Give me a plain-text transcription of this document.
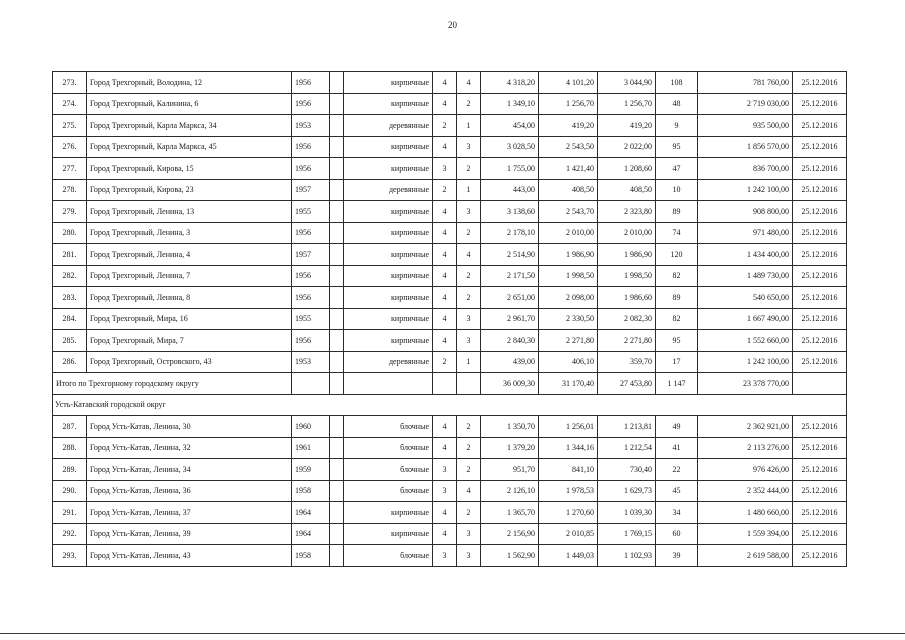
20
273.	Город Трехгорный, Володина, 12	1956		кирпичные	4	4	4 318,20	4 101,20	3 044,90	108	781 760,00	25.12.2016
274.	Город Трехгорный, Калинина, 6	1956		кирпичные	4	2	1 349,10	1 256,70	1 256,70	48	2 719 030,00	25.12.2016
275.	Город Трехгорный, Карла Маркса, 34	1953		деревянные	2	1	454,00	419,20	419,20	9	935 500,00	25.12.2016
276.	Город Трехгорный, Карла Маркса, 45	1956		кирпичные	4	3	3 028,50	2 543,50	2 022,00	95	1 856 570,00	25.12.2016
277.	Город Трехгорный, Кирова, 15	1956		кирпичные	3	2	1 755,00	1 421,40	1 208,60	47	836 700,00	25.12.2016
278.	Город Трехгорный, Кирова, 23	1957		деревянные	2	1	443,00	408,50	408,50	10	1 242 100,00	25.12.2016
279.	Город Трехгорный, Ленина, 13	1955		кирпичные	4	3	3 138,60	2 543,70	2 323,80	89	908 800,00	25.12.2016
280.	Город Трехгорный, Ленина, 3	1956		кирпичные	4	2	2 178,10	2 010,00	2 010,00	74	971 480,00	25.12.2016
281.	Город Трехгорный, Ленина, 4	1957		кирпичные	4	4	2 514,90	1 986,90	1 986,90	120	1 434 400,00	25.12.2016
282.	Город Трехгорный, Ленина, 7	1956		кирпичные	4	2	2 171,50	1 998,50	1 998,50	82	1 489 730,00	25.12.2016
283.	Город Трехгорный, Ленина, 8	1956		кирпичные	4	2	2 651,00	2 098,00	1 986,60	89	540 650,00	25.12.2016
284.	Город Трехгорный, Мира, 16	1955		кирпичные	4	3	2 961,70	2 330,50	2 082,30	82	1 667 490,00	25.12.2016
285.	Город Трехгорный, Мира, 7	1956		кирпичные	4	3	2 840,30	2 271,80	2 271,80	95	1 552 660,00	25.12.2016
286.	Город Трехгорный, Островского, 43	1953		деревянные	2	1	439,00	406,10	359,70	17	1 242 100,00	25.12.2016
Итого по Трехгорному городскому округу							36 009,30	31 170,40	27 453,80	1 147	23 378 770,00	
Усть-Катавский городской округ												
287.	Город Усть-Катав, Ленина, 30	1960		блочные	4	2	1 350,70	1 256,01	1 213,81	49	2 362 921,00	25.12.2016
288.	Город Усть-Катав, Ленина, 32	1961		блочные	4	2	1 379,20	1 344,16	1 212,54	41	2 113 276,00	25.12.2016
289.	Город Усть-Катав, Ленина, 34	1959		блочные	3	2	951,70	841,10	730,40	22	976 426,00	25.12.2016
290.	Город Усть-Катав, Ленина, 36	1958		блочные	3	4	2 126,10	1 978,53	1 629,73	45	2 352 444,00	25.12.2016
291.	Город Усть-Катав, Ленина, 37	1964		кирпичные	4	2	1 365,70	1 270,60	1 039,30	34	1 480 660,00	25.12.2016
292.	Город Усть-Катав, Ленина, 39	1964		кирпичные	4	3	2 156,90	2 010,85	1 769,15	60	1 559 394,00	25.12.2016
293.	Город Усть-Катав, Ленина, 43	1958		блочные	3	3	1 562,90	1 449,03	1 102,93	39	2 619 588,00	25.12.2016
